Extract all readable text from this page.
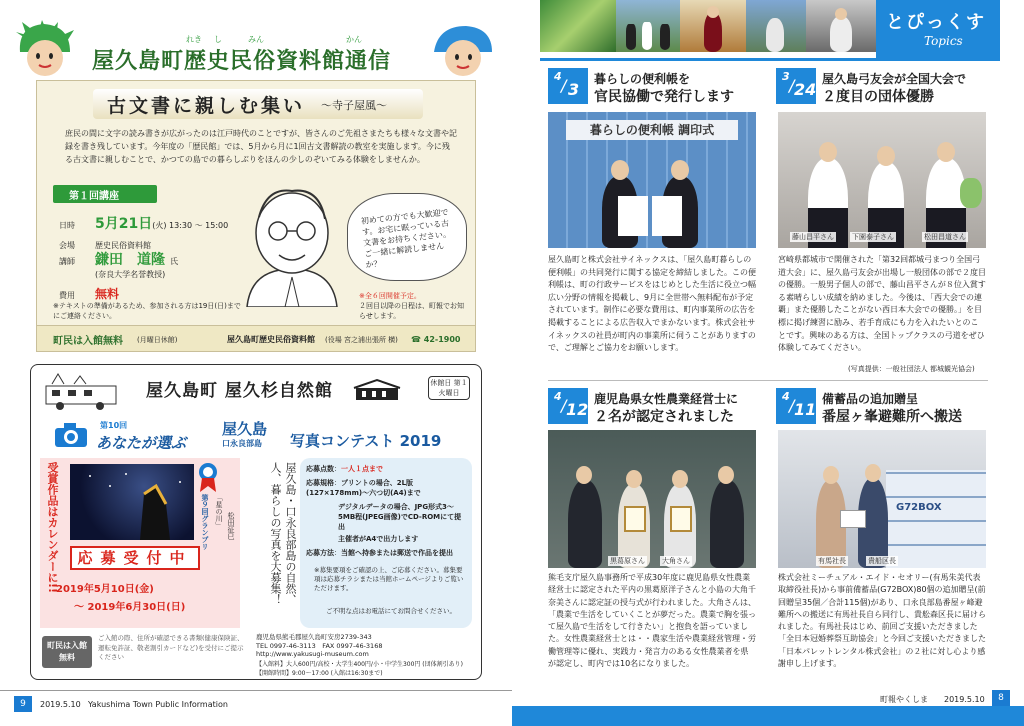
れき し	みん	かん
屋久島町歴史民俗資料館通信
古文書に親しむ集い ～寺子屋風～
庶民の間に文字の読み書きが広がったのは江戸時代のことですが、皆さんのご先祖さまたちも様々な文書や記録を書き残しています。今年度の「歴民館」では、5月から月に1回古文書解読の教室を実施します。今に残る古文書に親しむことで、かつての島での暮らしぶりをほんの少しのぞいてみる体験をしませんか。
第１回講座
日時 5月21日(火) 13:30 ～ 15:00
会場	歴史民俗資料館
講師 鎌田　道隆 氏
(奈良大学名誉教授)
費用 無料
※テキストの準備があるため、参加される方は19日(日)までにご連絡ください。
初めての方でも大歓迎です。お宅に眠っている古文書をお持ちください。ご一緒に解読しませんか？
※全６回開催予定。
２回目以降の日程は、町報でお知らせします。
町民は入館無料 (月曜日休館)	屋久島町歴史民俗資料館 (役場 宮之浦出張所 横) ☎ 42-1900
屋久島町 屋久杉自然館	休館日 第１火曜日
第10回
あなたが選ぶ
屋久島
口永良部島 写真コンテスト 2019
受賞作品はカレンダーに!!	第９回グランプリ 「星の川」 松田征巳
応募受付中
2019年5月10日(金)
～ 2019年6月30日(日)
屋久島・口永良部島の自然、人、暮らしの写真を大募集！	応募点数：一人１点まで
応募規格：プリントの場合、2L版(127×178mm)～六つ切(A4)まで
デジタルデータの場合、JPG形式3～5MB程(JPEG画像)でCD-ROMにて提出
主催者がA4で出力します
応募方法：当館へ持参または郵送で作品を提出
※募集要項をご確認の上、ご応募ください。募集要項は応募チラシまたは当館ホームページよりご覧いただけます。
ご不明な点はお電話にてお問合せください。
町民は入館無料
ご入館の際、住所が確認できる書類(健康保険証、運転免許証、敬老割引カードなど)を受付にご提示ください
鹿児島県熊毛郡屋久島町安房2739-343
TEL 0997-46-3113　FAX 0997-46-3168
http://www.yakusugi-museum.com
【入館料】大人600円/高校・大学生400円/小・中学生300円 (団体割引あり)
【開館時間】9:00～17:00 (入館は16:30まで)
9	2019.5.10 Yakushima Town Public Information
とぴっくす
Topics
4 / 3
暮らしの便利帳を
官民協働で発行します
暮らしの便利帳 調印式
屋久島町と株式会社サイネックスは、「屋久島町暮らしの便利帳」の共同発行に関する協定を締結しました。この便利帳は、町の行政サービスをはじめとした生活に役立つ幅広い分野の情報を掲載し、9月に全世帯へ無料配布が予定されています。制作に必要な費用は、町内事業所の広告を掲載することによる広告収入でまかないます。株式会社サイネックスの社員が町内の事業所に伺うことがありますので、ご理解とご協力をお願いします。
3 / 24
屋久島弓友会が全国大会で
２度目の団体優勝
藤山昌平さん	下園泰子さん	松田昌道さん
宮崎県都城市で開催された「第32回都城弓まつり全国弓道大会」に、屋久島弓友会が出場し一般団体の部で２度目の優勝。一般男子個人の部で、藤山昌平さんが８位入賞する素晴らしい成績を納めました。今後は、「西大会での連覇」また優勝したことがない西日本大会での優勝。」を目標に掲げ練習に励み、若手育成にも力を入れたいとのことです。興味のある方は、全国トップクラスの弓道をぜひ体験してみてください。
(写真提供：一般社団法人 都城観光協会)
4 / 12
鹿児島県女性農業経営士に
２名が認定されました
黒葛原さん 大角さん
熊毛支庁屋久島事務所で平成30年度に鹿児島県女性農業経営士に認定された平内の黒葛原洋子さんと小島の大角千奈美さんに認定証の授与式が行われました。大角さんは、「農業で生活をしていくことが夢だった。農業で胸を張って屋久島で生活をして行きたい」と抱負を語っていました。女性農業経営士とは・・農家生活や農業経営管理・労働管理等に優れ、実践力・発言力のある女性農業者を県が認定し、町内では10名になりました。
4 / 11
備蓄品の追加贈呈
番屋ヶ峯避難所へ搬送
G72BOX
有馬社長	貴船区長
株式会社ミーチュアル・エイド・セオリー(有馬朱美代表取締役社長)から事前備蓄品(G72BOX)80個の追加贈呈(前回贈呈35個／合計115個)があり、口永良部島番屋ヶ峰避難所への搬送に有馬社長自ら同行し、貴舩森区長に届けられました。有馬社長はじめ、前回ご支援いただきました「全日本冠婚葬祭互助協会」と今回ご支援いただきました「日本パレットレンタル株式会社」の２社に対し心より感謝申し上げます。
町報やくしま 2019.5.10	8
